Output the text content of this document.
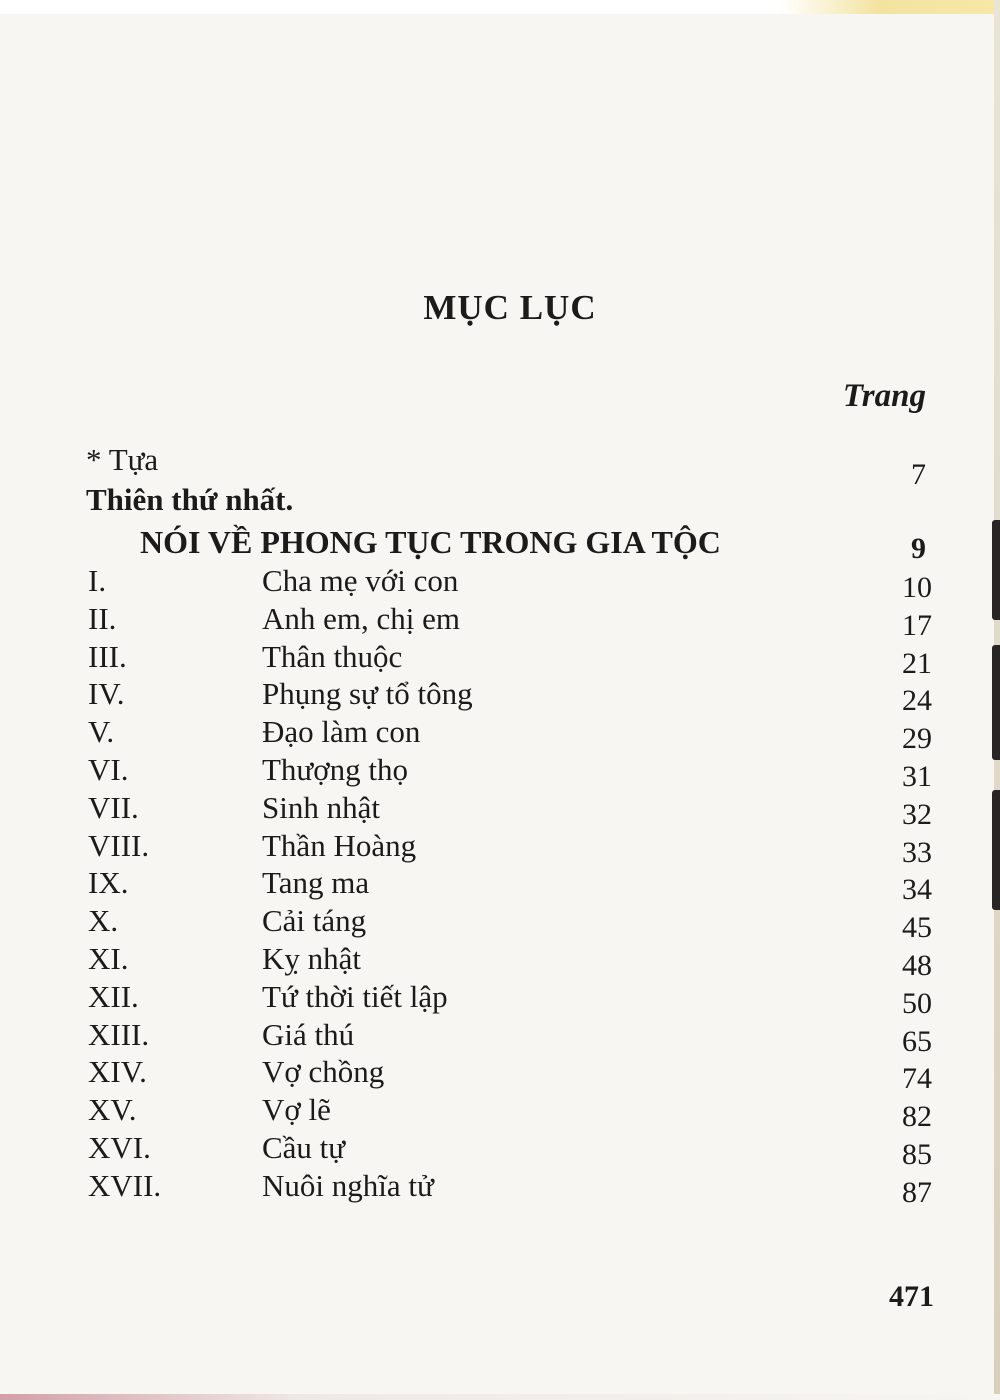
MỤC LỤC
Trang
* Tựa	7
Thiên thứ nhất.
NÓI VỀ PHONG TỤC TRONG GIA TỘC	9
I.	Cha mẹ với con	10
II.	Anh em, chị em	17
III.	Thân thuộc	21
IV.	Phụng sự tổ tông	24
V.	Đạo làm con	29
VI.	Thượng thọ	31
VII.	Sinh nhật	32
VIII.	Thần Hoàng	33
IX.	Tang ma	34
X.	Cải táng	45
XI.	Kỵ nhật	48
XII.	Tứ thời tiết lập	50
XIII.	Giá thú	65
XIV.	Vợ chồng	74
XV.	Vợ lẽ	82
XVI.	Cầu tự	85
XVII.	Nuôi nghĩa tử	87
471
